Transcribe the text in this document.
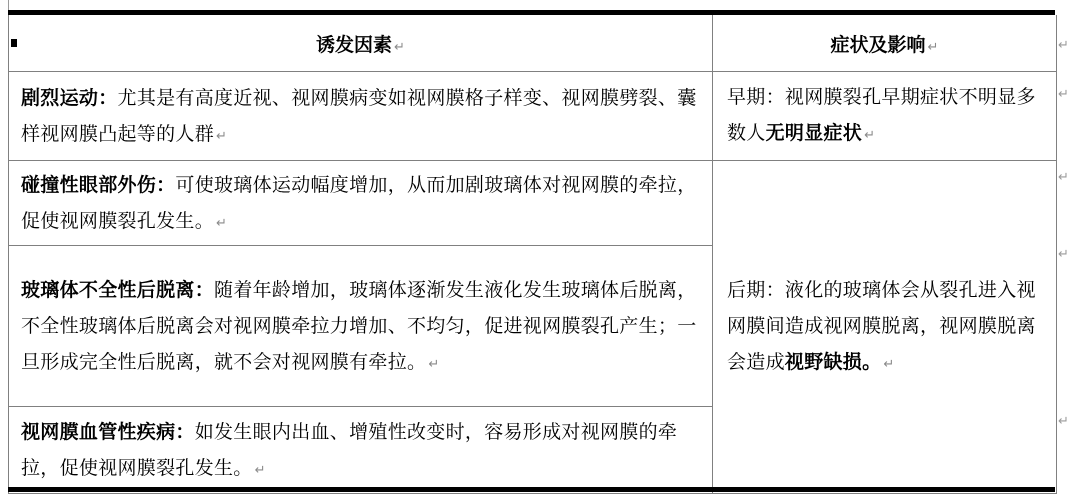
诱发因素 ↵	症状及影响 ↵

剧烈运动：尤其是有高度近视、视网膜病变如视网膜格子样变、视网膜劈裂、囊样视网膜凸起等的人群 ↵	早期：视网膜裂孔早期症状不明显多数人无明显症状 ↵

碰撞性眼部外伤：可使玻璃体运动幅度增加，从而加剧玻璃体对视网膜的牵拉，促使视网膜裂孔发生。 ↵	后期：液化的玻璃体会从裂孔进入视网膜间造成视网膜脱离，视网膜脱离会造成视野缺损。 ↵

玻璃体不全性后脱离：随着年龄增加，玻璃体逐渐发生液化发生玻璃体后脱离，不全性玻璃体后脱离会对视网膜牵拉力增加、不均匀，促进视网膜裂孔产生；一旦形成完全性后脱离，就不会对视网膜有牵拉。 ↵	

视网膜血管性疾病：如发生眼内出血、增殖性改变时，容易形成对视网膜的牵拉，促使视网膜裂孔发生。 ↵	
↵
↵
↵
↵
↵
